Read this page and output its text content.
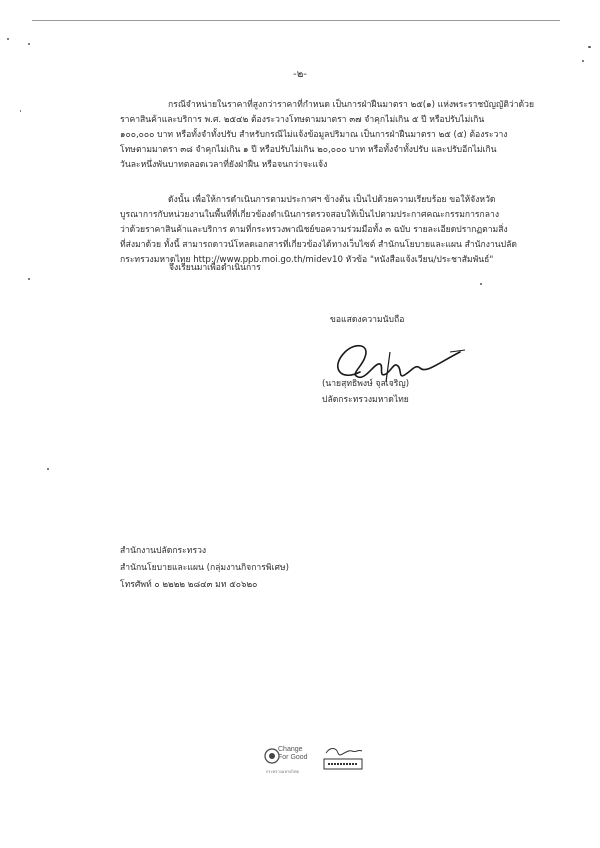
-๒-
กรณีจำหน่ายในราคาที่สูงกว่าราคาที่กำหนด เป็นการฝ่าฝืนมาตรา ๒๕(๑) แห่งพระราชบัญญัติว่าด้วย
ราคาสินค้าและบริการ พ.ศ. ๒๕๔๒ ต้องระวางโทษตามมาตรา ๓๗ จำคุกไม่เกิน ๕ ปี หรือปรับไม่เกิน
๑๐๐,๐๐๐ บาท หรือทั้งจำทั้งปรับ สำหรับกรณีไม่แจ้งข้อมูลปริมาณ เป็นการฝ่าฝืนมาตรา ๒๕ (๕) ต้องระวาง
โทษตามมาตรา ๓๘ จำคุกไม่เกิน ๑ ปี หรือปรับไม่เกิน ๒๐,๐๐๐ บาท หรือทั้งจำทั้งปรับ และปรับอีกไม่เกิน
วันละหนึ่งพันบาทตลอดเวลาที่ยังฝ่าฝืน หรือจนกว่าจะแจ้ง
ดังนั้น เพื่อให้การดำเนินการตามประกาศฯ ข้างต้น เป็นไปด้วยความเรียบร้อย ขอให้จังหวัด
บูรณาการกับหน่วยงานในพื้นที่ที่เกี่ยวข้องดำเนินการตรวจสอบให้เป็นไปตามประกาศคณะกรรมการกลาง
ว่าด้วยราคาสินค้าและบริการ ตามที่กระทรวงพาณิชย์ขอความร่วมมือทั้ง ๓ ฉบับ รายละเอียดปรากฏตามสิ่ง
ที่ส่งมาด้วย ทั้งนี้ สามารถดาวน์โหลดเอกสารที่เกี่ยวข้องได้ทางเว็บไซต์ สำนักนโยบายและแผน สำนักงานปลัด
กระทรวงมหาดไทย http://www.ppb.moi.go.th/midev10 หัวข้อ "หนังสือแจ้งเวียน/ประชาสัมพันธ์"
จึงเรียนมาเพื่อดำเนินการ
ขอแสดงความนับถือ
(นายสุทธิพงษ์ จุลเจริญ)
ปลัดกระทรวงมหาดไทย
สำนักงานปลัดกระทรวง
สำนักนโยบายและแผน (กลุ่มงานกิจการพิเศษ)
โทรศัพท์ ๐ ๒๒๒๒ ๒๘๔๓ มท ๕๐๖๒๐
Change
For Good
กระทรวงมหาดไทย
